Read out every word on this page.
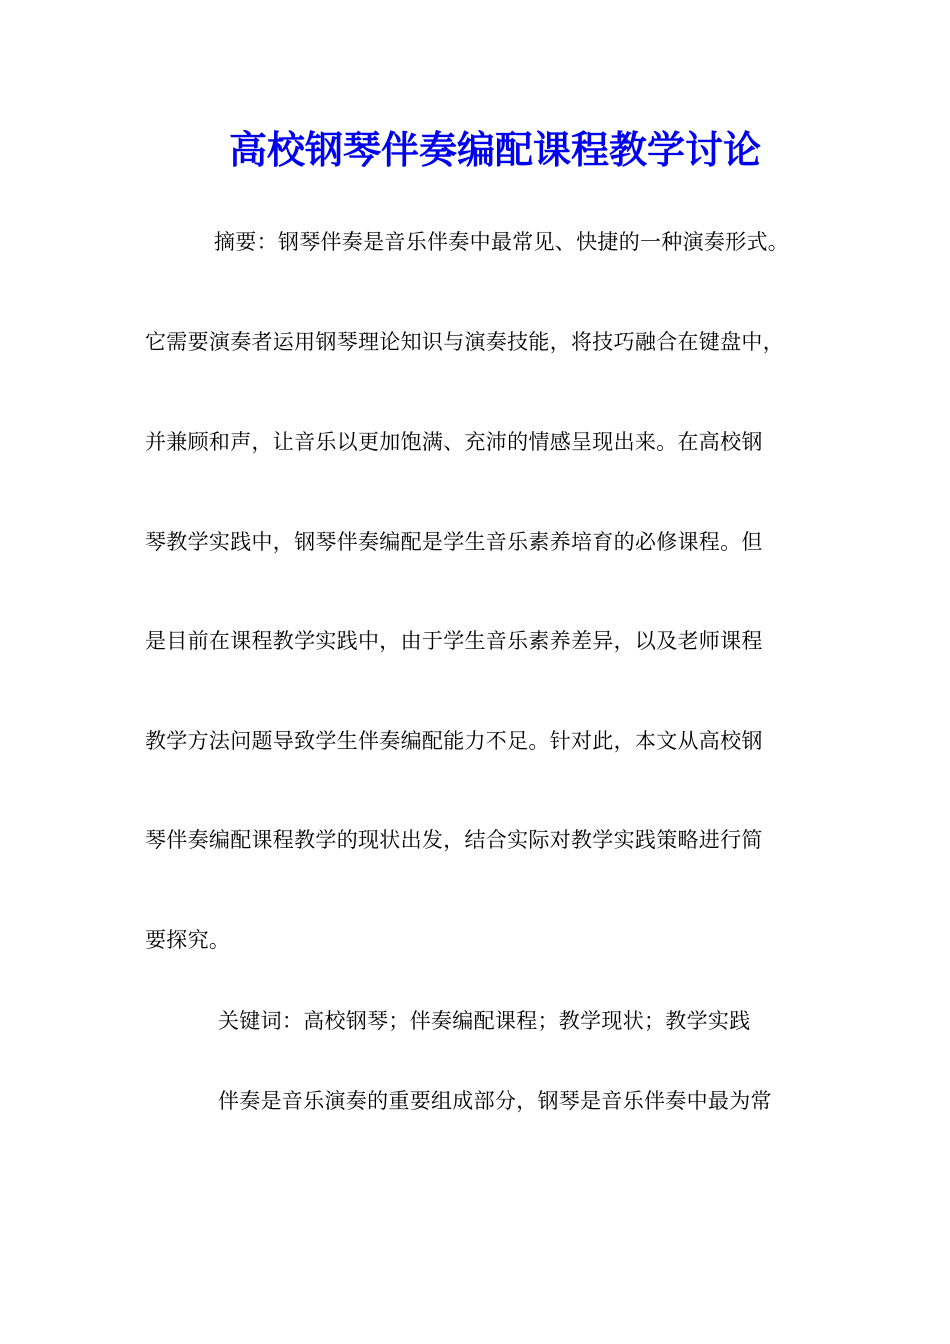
高校钢琴伴奏编配课程教学讨论
摘要：钢琴伴奏是音乐伴奏中最常见、快捷的一种演奏形式。
它需要演奏者运用钢琴理论知识与演奏技能，将技巧融合在键盘中，
并兼顾和声，让音乐以更加饱满、充沛的情感呈现出来。在高校钢
琴教学实践中，钢琴伴奏编配是学生音乐素养培育的必修课程。但
是目前在课程教学实践中，由于学生音乐素养差异，以及老师课程
教学方法问题导致学生伴奏编配能力不足。针对此，本文从高校钢
琴伴奏编配课程教学的现状出发，结合实际对教学实践策略进行简
要探究。
关键词：高校钢琴；伴奏编配课程；教学现状；教学实践
伴奏是音乐演奏的重要组成部分，钢琴是音乐伴奏中最为常
